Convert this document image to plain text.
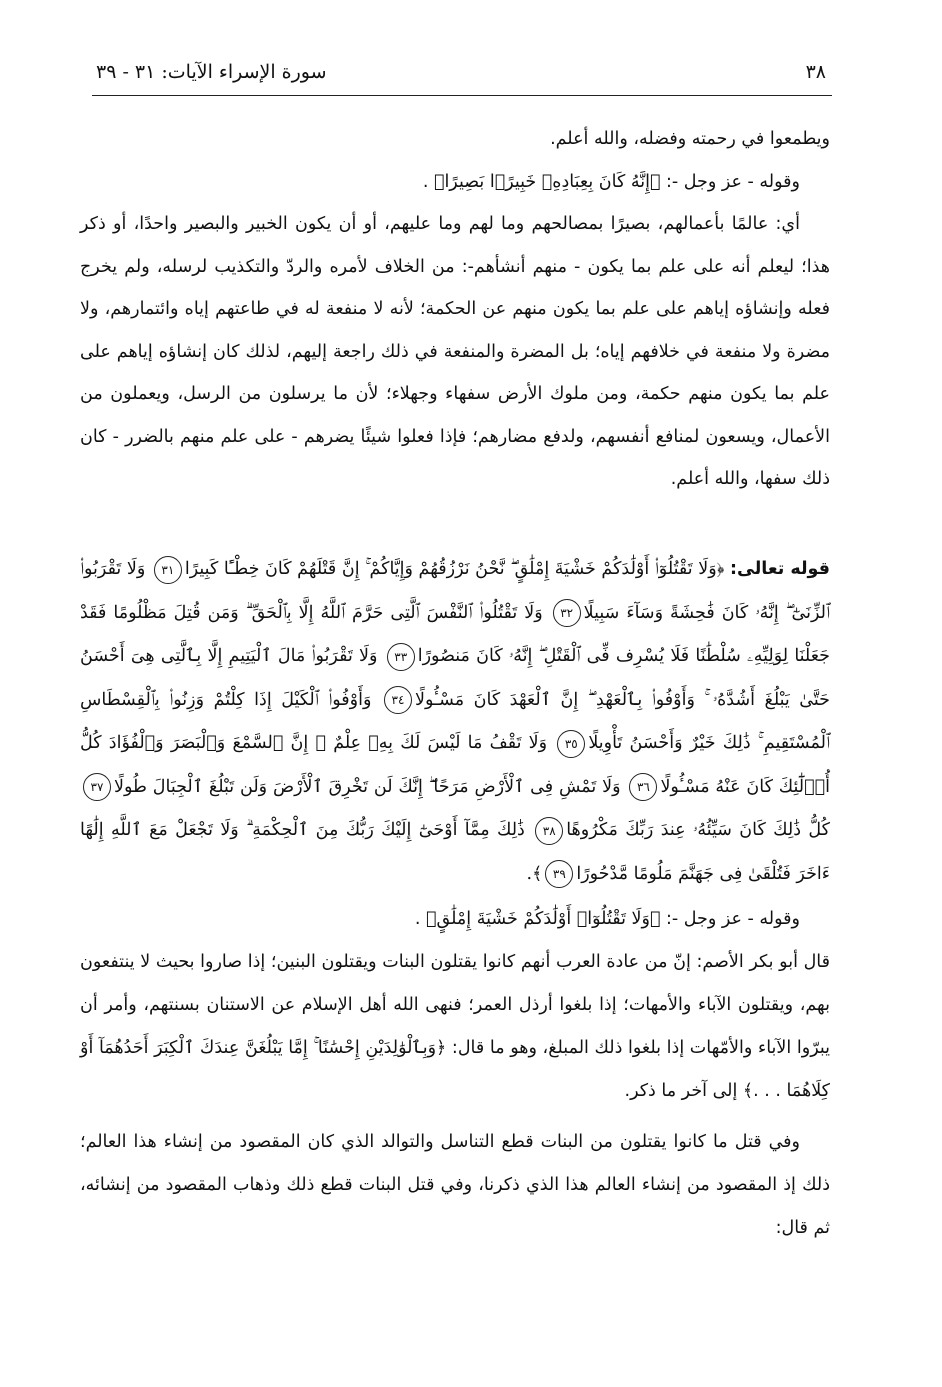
٣٨
سورة الإسراء الآيات: ٣١ - ٣٩

ويطمعوا في رحمته وفضله، والله أعلم.

وقوله - عز وجل -: ﴿إِنَّهُ كَانَ بِعِبَادِهِۦ خَبِيرًۢا بَصِيرًا﴾ .

أي: عالمًا بأعمالهم، بصيرًا بمصالحهم وما لهم وما عليهم، أو أن يكون الخبير والبصير واحدًا، أو ذكر هذا؛ ليعلم أنه على علم بما يكون - منهم أنشأهم-: من الخلاف لأمره والردّ والتكذيب لرسله، ولم يخرج فعله وإنشاؤه إياهم على علم بما يكون منهم عن الحكمة؛ لأنه لا منفعة له في طاعتهم إياه وائتمارهم، ولا مضرة ولا منفعة في خلافهم إياه؛ بل المضرة والمنفعة في ذلك راجعة إليهم، لذلك كان إنشاؤه إياهم على علم بما يكون منهم حكمة، ومن ملوك الأرض سفهاء وجهلاء؛ لأن ما يرسلون من الرسل، ويعملون من الأعمال، ويسعون لمنافع أنفسهم، ولدفع مضارهم؛ فإذا فعلوا شيئًا يضرهم - على علم منهم بالضرر - كان ذلك سفها، والله أعلم.

قوله تعالى: ﴿وَلَا تَقْتُلُوٓا۟ أَوْلَٰدَكُمْ خَشْيَةَ إِمْلَٰقٍ ۖ نَّحْنُ نَرْزُقُهُمْ وَإِيَّاكُمْ ۚ إِنَّ قَتْلَهُمْ كَانَ خِطْـًٔا كَبِيرًا٣١ وَلَا تَقْرَبُوا۟ ٱلزِّنَىٰٓ ۖ إِنَّهُۥ كَانَ فَٰحِشَةً وَسَآءَ سَبِيلًا٣٢ وَلَا تَقْتُلُوا۟ ٱلنَّفْسَ ٱلَّتِى حَرَّمَ ٱللَّهُ إِلَّا بِٱلْحَقِّ ۗ وَمَن قُتِلَ مَظْلُومًا فَقَدْ جَعَلْنَا لِوَلِيِّهِۦ سُلْطَٰنًا فَلَا يُسْرِف فِّى ٱلْقَتْلِ ۖ إِنَّهُۥ كَانَ مَنصُورًا٣٣ وَلَا تَقْرَبُوا۟ مَالَ ٱلْيَتِيمِ إِلَّا بِٱلَّتِى هِىَ أَحْسَنُ حَتَّىٰ يَبْلُغَ أَشُدَّهُۥ ۚ وَأَوْفُوا۟ بِٱلْعَهْدِ ۖ إِنَّ ٱلْعَهْدَ كَانَ مَسْـُٔولًا٣٤ وَأَوْفُوا۟ ٱلْكَيْلَ إِذَا كِلْتُمْ وَزِنُوا۟ بِٱلْقِسْطَاسِ ٱلْمُسْتَقِيمِ ۚ ذَٰلِكَ خَيْرٌ وَأَحْسَنُ تَأْوِيلًا٣٥ وَلَا تَقْفُ مَا لَيْسَ لَكَ بِهِۦ عِلْمٌ ۚ إِنَّ ٱلسَّمْعَ وَٱلْبَصَرَ وَٱلْفُؤَادَ كُلُّ أُو۟لَٰٓئِكَ كَانَ عَنْهُ مَسْـُٔولًا٣٦ وَلَا تَمْشِ فِى ٱلْأَرْضِ مَرَحًا ۖ إِنَّكَ لَن تَخْرِقَ ٱلْأَرْضَ وَلَن تَبْلُغَ ٱلْجِبَالَ طُولًا٣٧ كُلُّ ذَٰلِكَ كَانَ سَيِّئُهُۥ عِندَ رَبِّكَ مَكْرُوهًا٣٨ ذَٰلِكَ مِمَّآ أَوْحَىٰٓ إِلَيْكَ رَبُّكَ مِنَ ٱلْحِكْمَةِ ۗ وَلَا تَجْعَلْ مَعَ ٱللَّهِ إِلَٰهًا ءَاخَرَ فَتُلْقَىٰ فِى جَهَنَّمَ مَلُومًا مَّدْحُورًا٣٩﴾.

وقوله - عز وجل -: ﴿وَلَا تَقْتُلُوٓا۟ أَوْلَٰدَكُمْ خَشْيَةَ إِمْلَٰقٍ﴾ .

قال أبو بكر الأصم: إنّ من عادة العرب أنهم كانوا يقتلون البنات ويقتلون البنين؛ إذا صاروا بحيث لا ينتفعون بهم، ويقتلون الآباء والأمهات؛ إذا بلغوا أرذل العمر؛ فنهى الله أهل الإسلام عن الاستنان بسنتهم، وأمر أن يبرّوا الآباء والأمّهات إذا بلغوا ذلك المبلغ، وهو ما قال: ﴿وَبِٱلْوَٰلِدَيْنِ إِحْسَٰنًا ۚ إِمَّا يَبْلُغَنَّ عِندَكَ ٱلْكِبَرَ أَحَدُهُمَآ أَوْ كِلَاهُمَا . . .﴾ إلى آخر ما ذكر.

وفي قتل ما كانوا يقتلون من البنات قطع التناسل والتوالد الذي كان المقصود من إنشاء هذا العالم؛ ذلك إذ المقصود من إنشاء العالم هذا الذي ذكرنا، وفي قتل البنات قطع ذلك وذهاب المقصود من إنشائه، ثم قال:
